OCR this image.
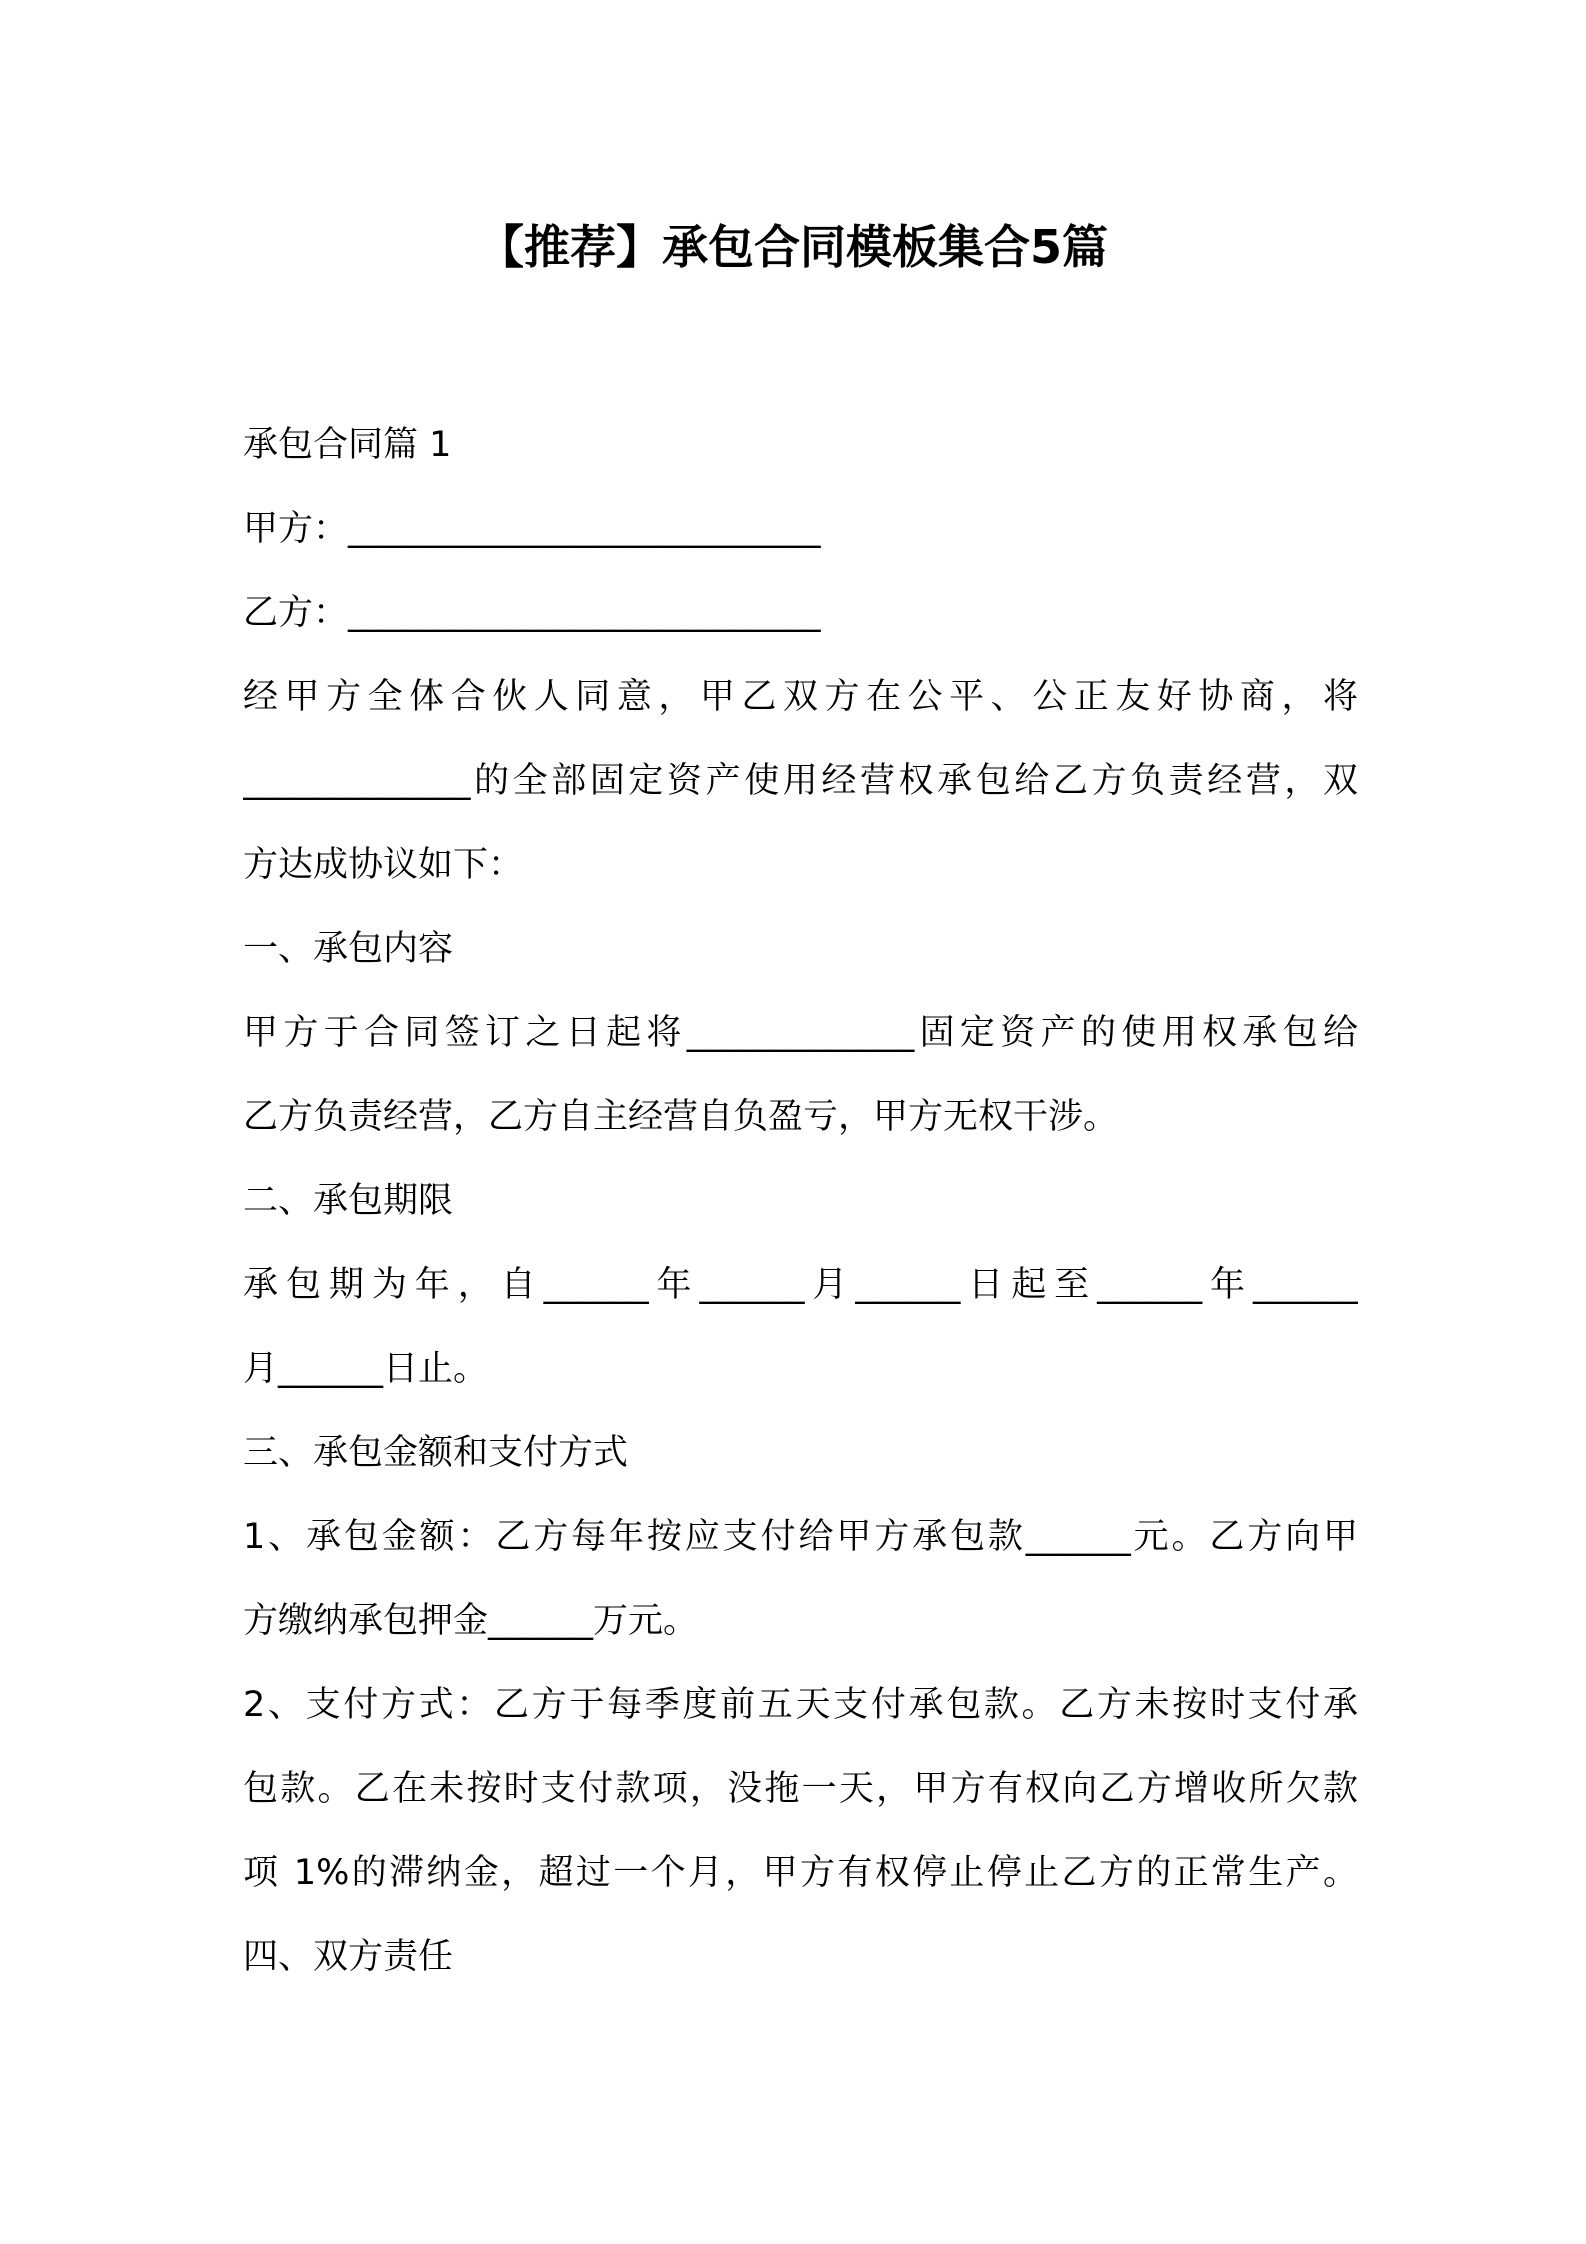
【推荐】承包合同模板集合5篇
承包合同篇 1
甲方：___________________________
乙方：___________________________
经甲方全体合伙人同意，甲乙双方在公平、公正友好协商，将
_____________的全部固定资产使用经营权承包给乙方负责经营，双
方达成协议如下：
一、承包内容
甲方于合同签订之日起将_____________固定资产的使用权承包给
乙方负责经营，乙方自主经营自负盈亏，甲方无权干涉。
二、承包期限
承包期为年，自______年______月______日起至______年______
月______日止。
三、承包金额和支付方式
1、承包金额：乙方每年按应支付给甲方承包款______元。乙方向甲
方缴纳承包押金______万元。
2、支付方式：乙方于每季度前五天支付承包款。乙方未按时支付承
包款。乙在未按时支付款项，没拖一天，甲方有权向乙方增收所欠款
项 1%的滞纳金，超过一个月，甲方有权停止停止乙方的正常生产。
四、双方责任
